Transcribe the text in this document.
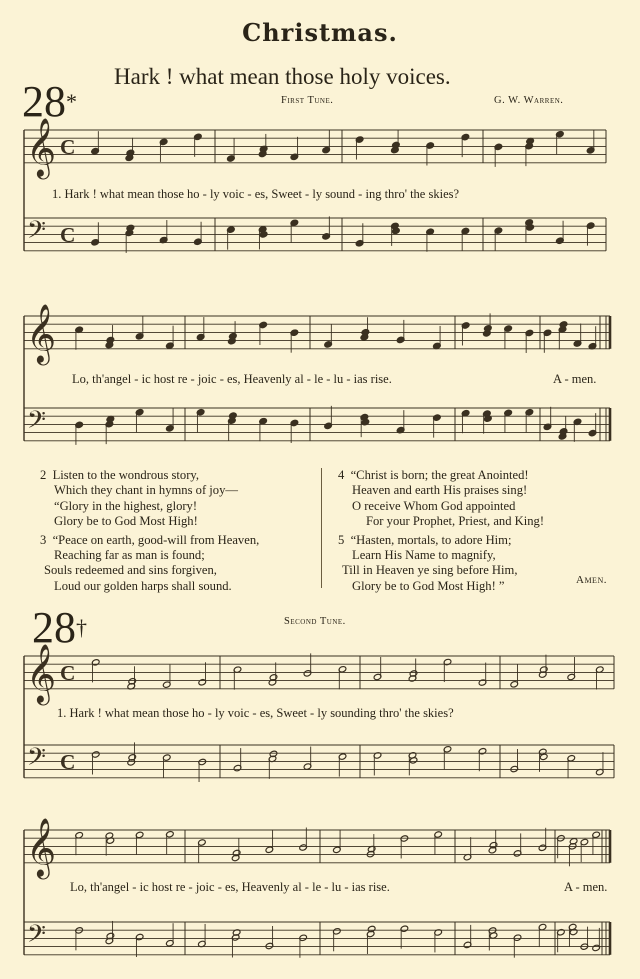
Christmas.
28*
Hark ! what mean those holy voices.
First Tune.	G. W. Warren.
𝄞
𝄢
C
C
𝄞
𝄢
𝄞
𝄢
C
C
𝄞
𝄢
1. Hark ! what mean those ho - ly voic - es, Sweet - ly sound - ing thro' the skies?
Lo, th'angel - ic host re - joic - es, Heavenly al - le - lu - ias rise.	A - men.
2 Listen to the wondrous story,
Which they chant in hymns of joy—
“Glory in the highest, glory!
Glory be to God Most High!
3 “Peace on earth, good-will from Heaven,
Reaching far as man is found;
Souls redeemed and sins forgiven,
Loud our golden harps shall sound.
4 “Christ is born; the great Anointed!
Heaven and earth His praises sing!
O receive Whom God appointed
For your Prophet, Priest, and King!
5 “Hasten, mortals, to adore Him;
Learn His Name to magnify,
Till in Heaven ye sing before Him,
Glory be to God Most High! ”	Amen.
28†	Second Tune.
1. Hark ! what mean those ho - ly voic - es, Sweet - ly sounding thro' the skies?
Lo, th'angel - ic host re - joic - es, Heavenly al - le - lu - ias rise.	A - men.
